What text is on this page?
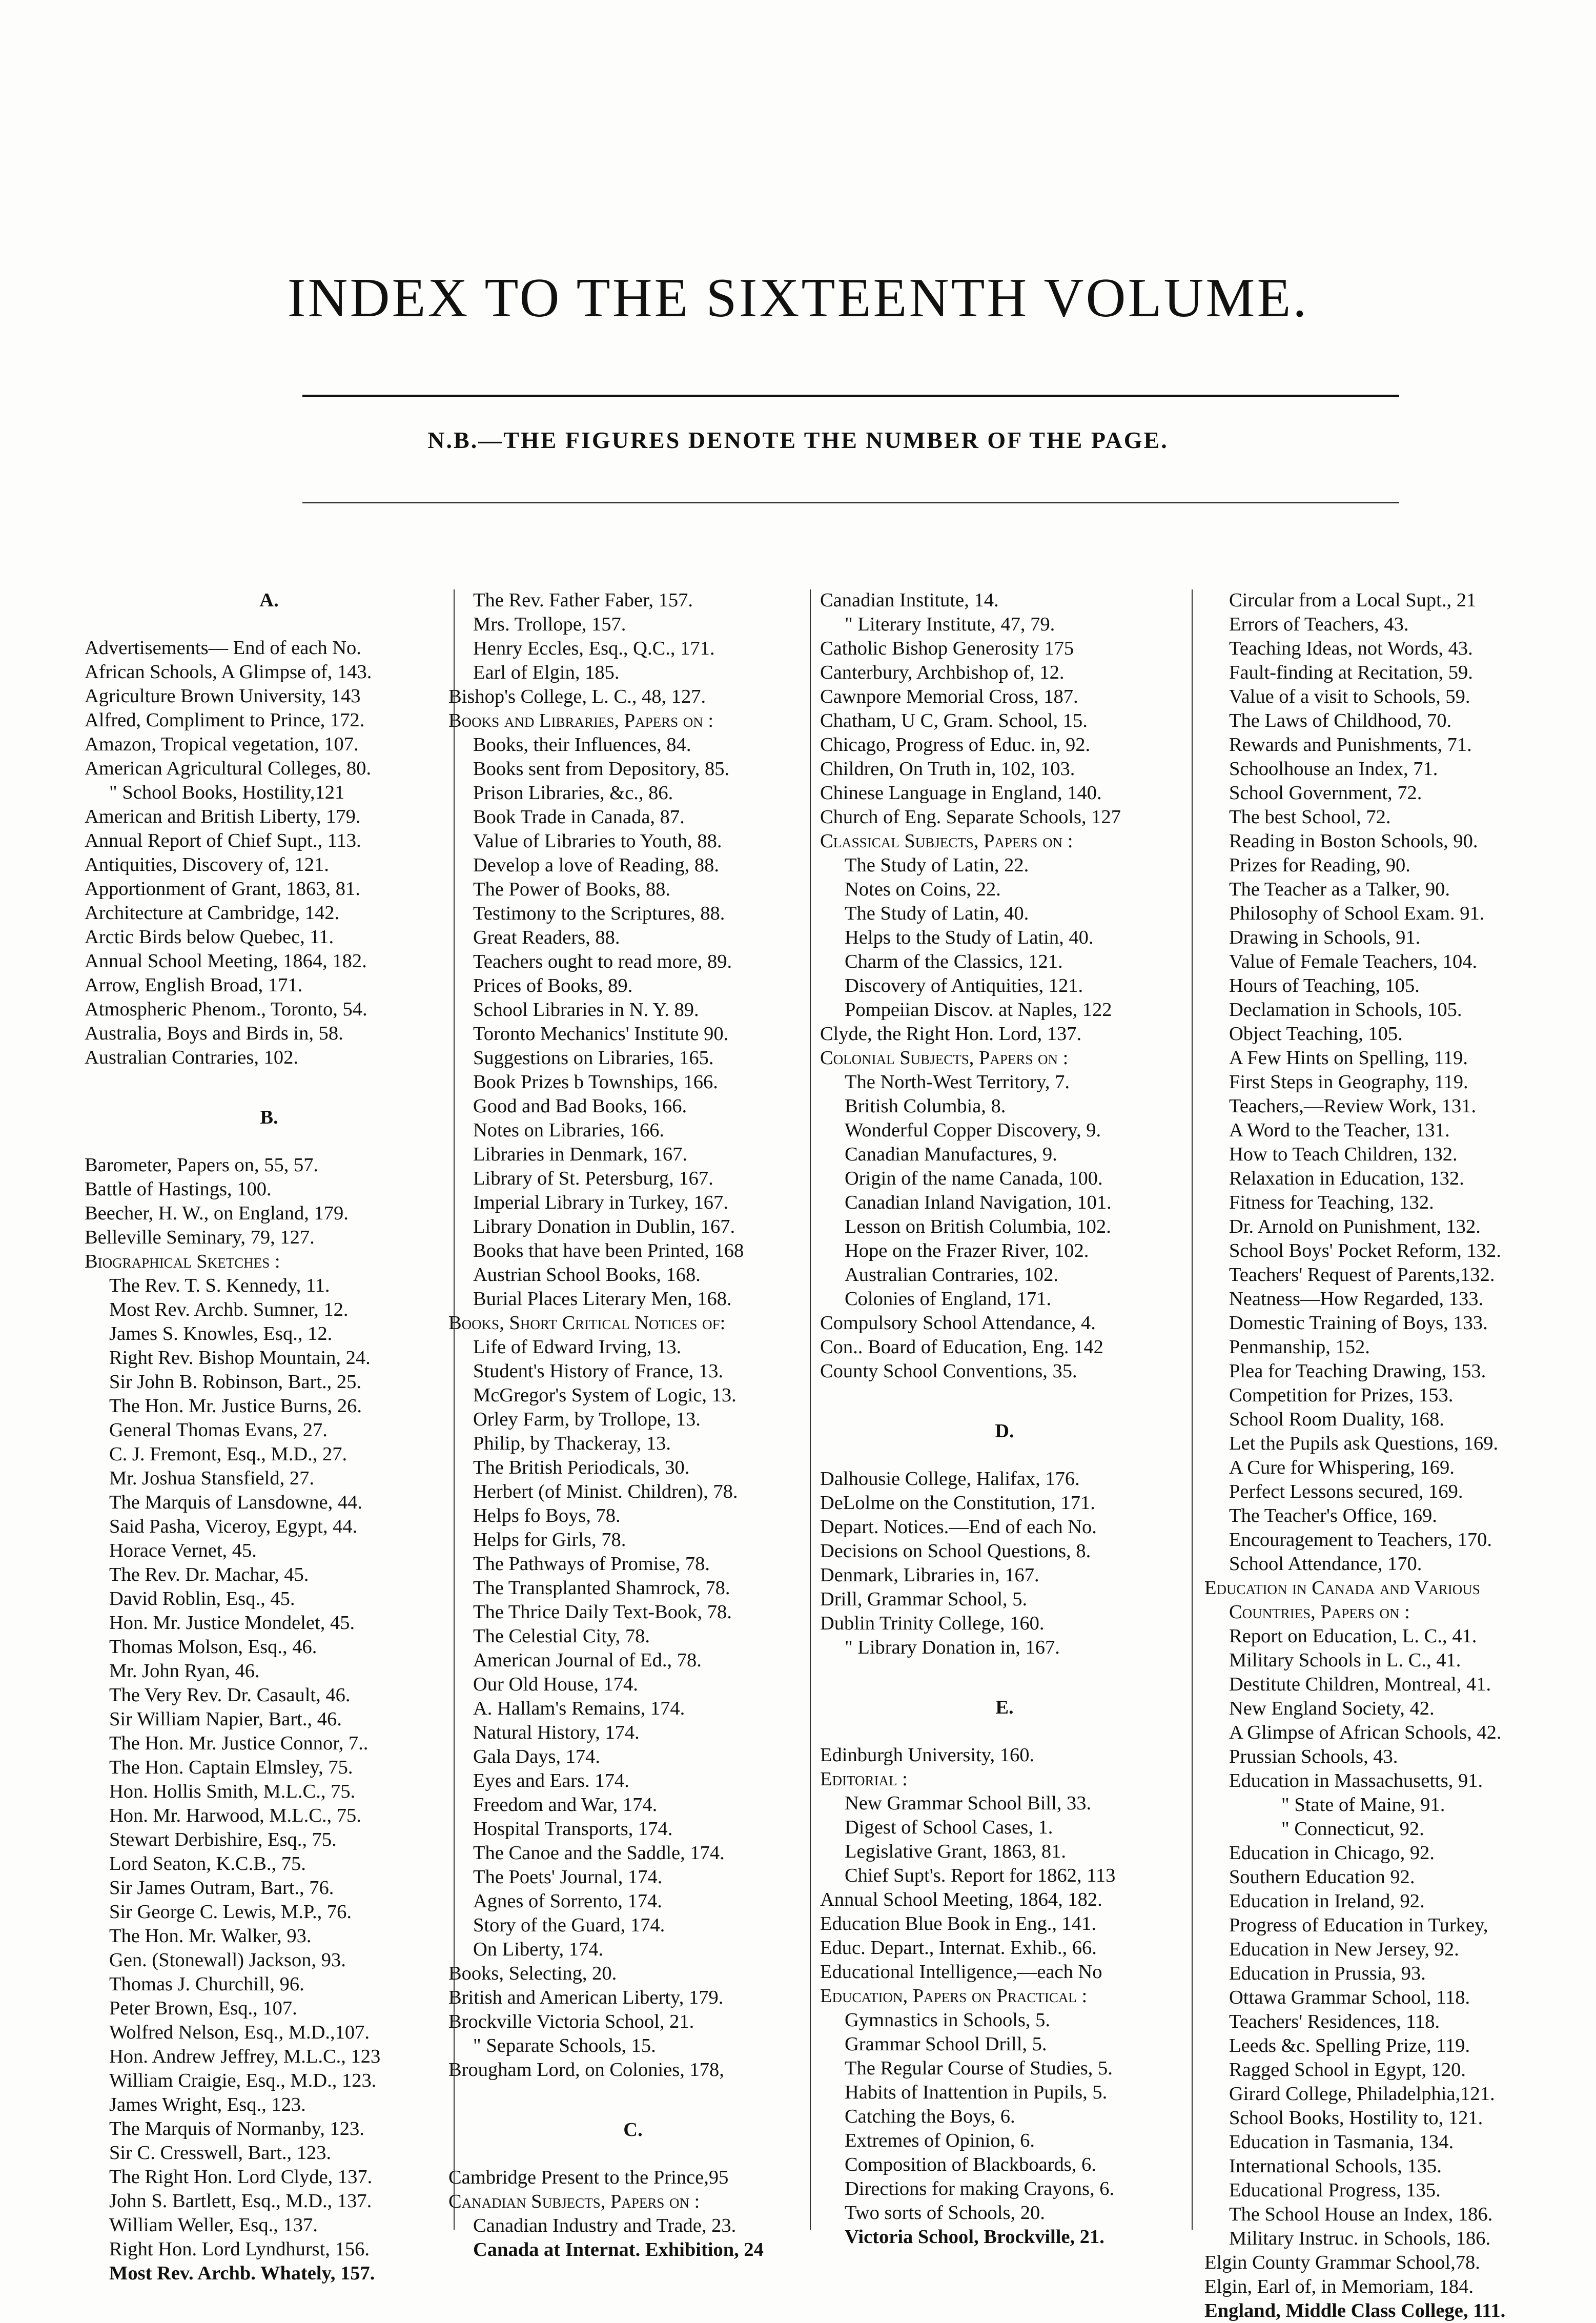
INDEX TO THE SIXTEENTH VOLUME.

N.B.—THE FIGURES DENOTE THE NUMBER OF THE PAGE.

A.

Advertisements— End of each No.

African Schools, A Glimpse of, 143.

Agriculture Brown University, 143

Alfred, Compliment to Prince, 172.

Amazon, Tropical vegetation, 107.

American Agricultural Colleges, 80.

" School Books, Hostility,121

American and British Liberty, 179.

Annual Report of Chief Supt., 113.

Antiquities, Discovery of, 121.

Apportionment of Grant, 1863, 81.

Architecture at Cambridge, 142.

Arctic Birds below Quebec, 11.

Annual School Meeting, 1864, 182.

Arrow, English Broad, 171.

Atmospheric Phenom., Toronto, 54.

Australia, Boys and Birds in, 58.

Australian Contraries, 102.

B.

Barometer, Papers on, 55, 57.

Battle of Hastings, 100.

Beecher, H. W., on England, 179.

Belleville Seminary, 79, 127.

Biographical Sketches :

The Rev. T. S. Kennedy, 11.

Most Rev. Archb. Sumner, 12.

James S. Knowles, Esq., 12.

Right Rev. Bishop Mountain, 24.

Sir John B. Robinson, Bart., 25.

The Hon. Mr. Justice Burns, 26.

General Thomas Evans, 27.

C. J. Fremont, Esq., M.D., 27.

Mr. Joshua Stansfield, 27.

The Marquis of Lansdowne, 44.

Said Pasha, Viceroy, Egypt, 44.

Horace Vernet, 45.

The Rev. Dr. Machar, 45.

David Roblin, Esq., 45.

Hon. Mr. Justice Mondelet, 45.

Thomas Molson, Esq., 46.

Mr. John Ryan, 46.

The Very Rev. Dr. Casault, 46.

Sir William Napier, Bart., 46.

The Hon. Mr. Justice Connor, 7..

The Hon. Captain Elmsley, 75.

Hon. Hollis Smith, M.L.C., 75.

Hon. Mr. Harwood, M.L.C., 75.

Stewart Derbishire, Esq., 75.

Lord Seaton, K.C.B., 75.

Sir James Outram, Bart., 76.

Sir George C. Lewis, M.P., 76.

The Hon. Mr. Walker, 93.

Gen. (Stonewall) Jackson, 93.

Thomas J. Churchill, 96.

Peter Brown, Esq., 107.

Wolfred Nelson, Esq., M.D.,107.

Hon. Andrew Jeffrey, M.L.C., 123

William Craigie, Esq., M.D., 123.

James Wright, Esq., 123.

The Marquis of Normanby, 123.

Sir C. Cresswell, Bart., 123.

The Right Hon. Lord Clyde, 137.

John S. Bartlett, Esq., M.D., 137.

William Weller, Esq., 137.

Right Hon. Lord Lyndhurst, 156.

Most Rev. Archb. Whately, 157.

The Rev. Father Faber, 157.

Mrs. Trollope, 157.

Henry Eccles, Esq., Q.C., 171.

Earl of Elgin, 185.

Bishop's College, L. C., 48, 127.

Books and Libraries, Papers on :

Books, their Influences, 84.

Books sent from Depository, 85.

Prison Libraries, &c., 86.

Book Trade in Canada, 87.

Value of Libraries to Youth, 88.

Develop a love of Reading, 88.

The Power of Books, 88.

Testimony to the Scriptures, 88.

Great Readers, 88.

Teachers ought to read more, 89.

Prices of Books, 89.

School Libraries in N. Y. 89.

Toronto Mechanics' Institute 90.

Suggestions on Libraries, 165.

Book Prizes b Townships, 166.

Good and Bad Books, 166.

Notes on Libraries, 166.

Libraries in Denmark, 167.

Library of St. Petersburg, 167.

Imperial Library in Turkey, 167.

Library Donation in Dublin, 167.

Books that have been Printed, 168

Austrian School Books, 168.

Burial Places Literary Men, 168.

Books, Short Critical Notices of:

Life of Edward Irving, 13.

Student's History of France, 13.

McGregor's System of Logic, 13.

Orley Farm, by Trollope, 13.

Philip, by Thackeray, 13.

The British Periodicals, 30.

Herbert (of Minist. Children), 78.

Helps fo Boys, 78.

Helps for Girls, 78.

The Pathways of Promise, 78.

The Transplanted Shamrock, 78.

The Thrice Daily Text-Book, 78.

The Celestial City, 78.

American Journal of Ed., 78.

Our Old House, 174.

A. Hallam's Remains, 174.

Natural History, 174.

Gala Days, 174.

Eyes and Ears. 174.

Freedom and War, 174.

Hospital Transports, 174.

The Canoe and the Saddle, 174.

The Poets' Journal, 174.

Agnes of Sorrento, 174.

Story of the Guard, 174.

On Liberty, 174.

Books, Selecting, 20.

British and American Liberty, 179.

Brockville Victoria School, 21.

" Separate Schools, 15.

Brougham Lord, on Colonies, 178,

C.

Cambridge Present to the Prince,95

Canadian Subjects, Papers on :

Canadian Industry and Trade, 23.

Canada at Internat. Exhibition, 24

Canadian Institute, 14.

" Literary Institute, 47, 79.

Catholic Bishop Generosity 175

Canterbury, Archbishop of, 12.

Cawnpore Memorial Cross, 187.

Chatham, U C, Gram. School, 15.

Chicago, Progress of Educ. in, 92.

Children, On Truth in, 102, 103.

Chinese Language in England, 140.

Church of Eng. Separate Schools, 127

Classical Subjects, Papers on :

The Study of Latin, 22.

Notes on Coins, 22.

The Study of Latin, 40.

Helps to the Study of Latin, 40.

Charm of the Classics, 121.

Discovery of Antiquities, 121.

Pompeiian Discov. at Naples, 122

Clyde, the Right Hon. Lord, 137.

Colonial Subjects, Papers on :

The North-West Territory, 7.

British Columbia, 8.

Wonderful Copper Discovery, 9.

Canadian Manufactures, 9.

Origin of the name Canada, 100.

Canadian Inland Navigation, 101.

Lesson on British Columbia, 102.

Hope on the Frazer River, 102.

Australian Contraries, 102.

Colonies of England, 171.

Compulsory School Attendance, 4.

Con.. Board of Education, Eng. 142

County School Conventions, 35.

D.

Dalhousie College, Halifax, 176.

DeLolme on the Constitution, 171.

Depart. Notices.—End of each No.

Decisions on School Questions, 8.

Denmark, Libraries in, 167.

Drill, Grammar School, 5.

Dublin Trinity College, 160.

" Library Donation in, 167.

E.

Edinburgh University, 160.

Editorial :

New Grammar School Bill, 33.

Digest of School Cases, 1.

Legislative Grant, 1863, 81.

Chief Supt's. Report for 1862, 113

Annual School Meeting, 1864, 182.

Education Blue Book in Eng., 141.

Educ. Depart., Internat. Exhib., 66.

Educational Intelligence,—each No

Education, Papers on Practical :

Gymnastics in Schools, 5.

Grammar School Drill, 5.

The Regular Course of Studies, 5.

Habits of Inattention in Pupils, 5.

Catching the Boys, 6.

Extremes of Opinion, 6.

Composition of Blackboards, 6.

Directions for making Crayons, 6.

Two sorts of Schools, 20.

Victoria School, Brockville, 21.

Circular from a Local Supt., 21

Errors of Teachers, 43.

Teaching Ideas, not Words, 43.

Fault-finding at Recitation, 59.

Value of a visit to Schools, 59.

The Laws of Childhood, 70.

Rewards and Punishments, 71.

Schoolhouse an Index, 71.

School Government, 72.

The best School, 72.

Reading in Boston Schools, 90.

Prizes for Reading, 90.

The Teacher as a Talker, 90.

Philosophy of School Exam. 91.

Drawing in Schools, 91.

Value of Female Teachers, 104.

Hours of Teaching, 105.

Declamation in Schools, 105.

Object Teaching, 105.

A Few Hints on Spelling, 119.

First Steps in Geography, 119.

Teachers,—Review Work, 131.

A Word to the Teacher, 131.

How to Teach Children, 132.

Relaxation in Education, 132.

Fitness for Teaching, 132.

Dr. Arnold on Punishment, 132.

School Boys' Pocket Reform, 132.

Teachers' Request of Parents,132.

Neatness—How Regarded, 133.

Domestic Training of Boys, 133.

Penmanship, 152.

Plea for Teaching Drawing, 153.

Competition for Prizes, 153.

School Room Duality, 168.

Let the Pupils ask Questions, 169.

A Cure for Whispering, 169.

Perfect Lessons secured, 169.

The Teacher's Office, 169.

Encouragement to Teachers, 170.

School Attendance, 170.

Education in Canada and Various

Countries, Papers on :

Report on Education, L. C., 41.

Military Schools in L. C., 41.

Destitute Children, Montreal, 41.

New England Society, 42.

A Glimpse of African Schools, 42.

Prussian Schools, 43.

Education in Massachusetts, 91.

" State of Maine, 91.

" Connecticut, 92.

Education in Chicago, 92.

Southern Education 92.

Education in Ireland, 92.

Progress of Education in Turkey,

Education in New Jersey, 92.

Education in Prussia, 93.

Ottawa Grammar School, 118.

Teachers' Residences, 118.

Leeds &c. Spelling Prize, 119.

Ragged School in Egypt, 120.

Girard College, Philadelphia,121.

School Books, Hostility to, 121.

Education in Tasmania, 134.

International Schools, 135.

Educational Progress, 135.

The School House an Index, 186.

Military Instruc. in Schools, 186.

Elgin County Grammar School,78.

Elgin, Earl of, in Memoriam, 184.

England, Middle Class College, 111.
